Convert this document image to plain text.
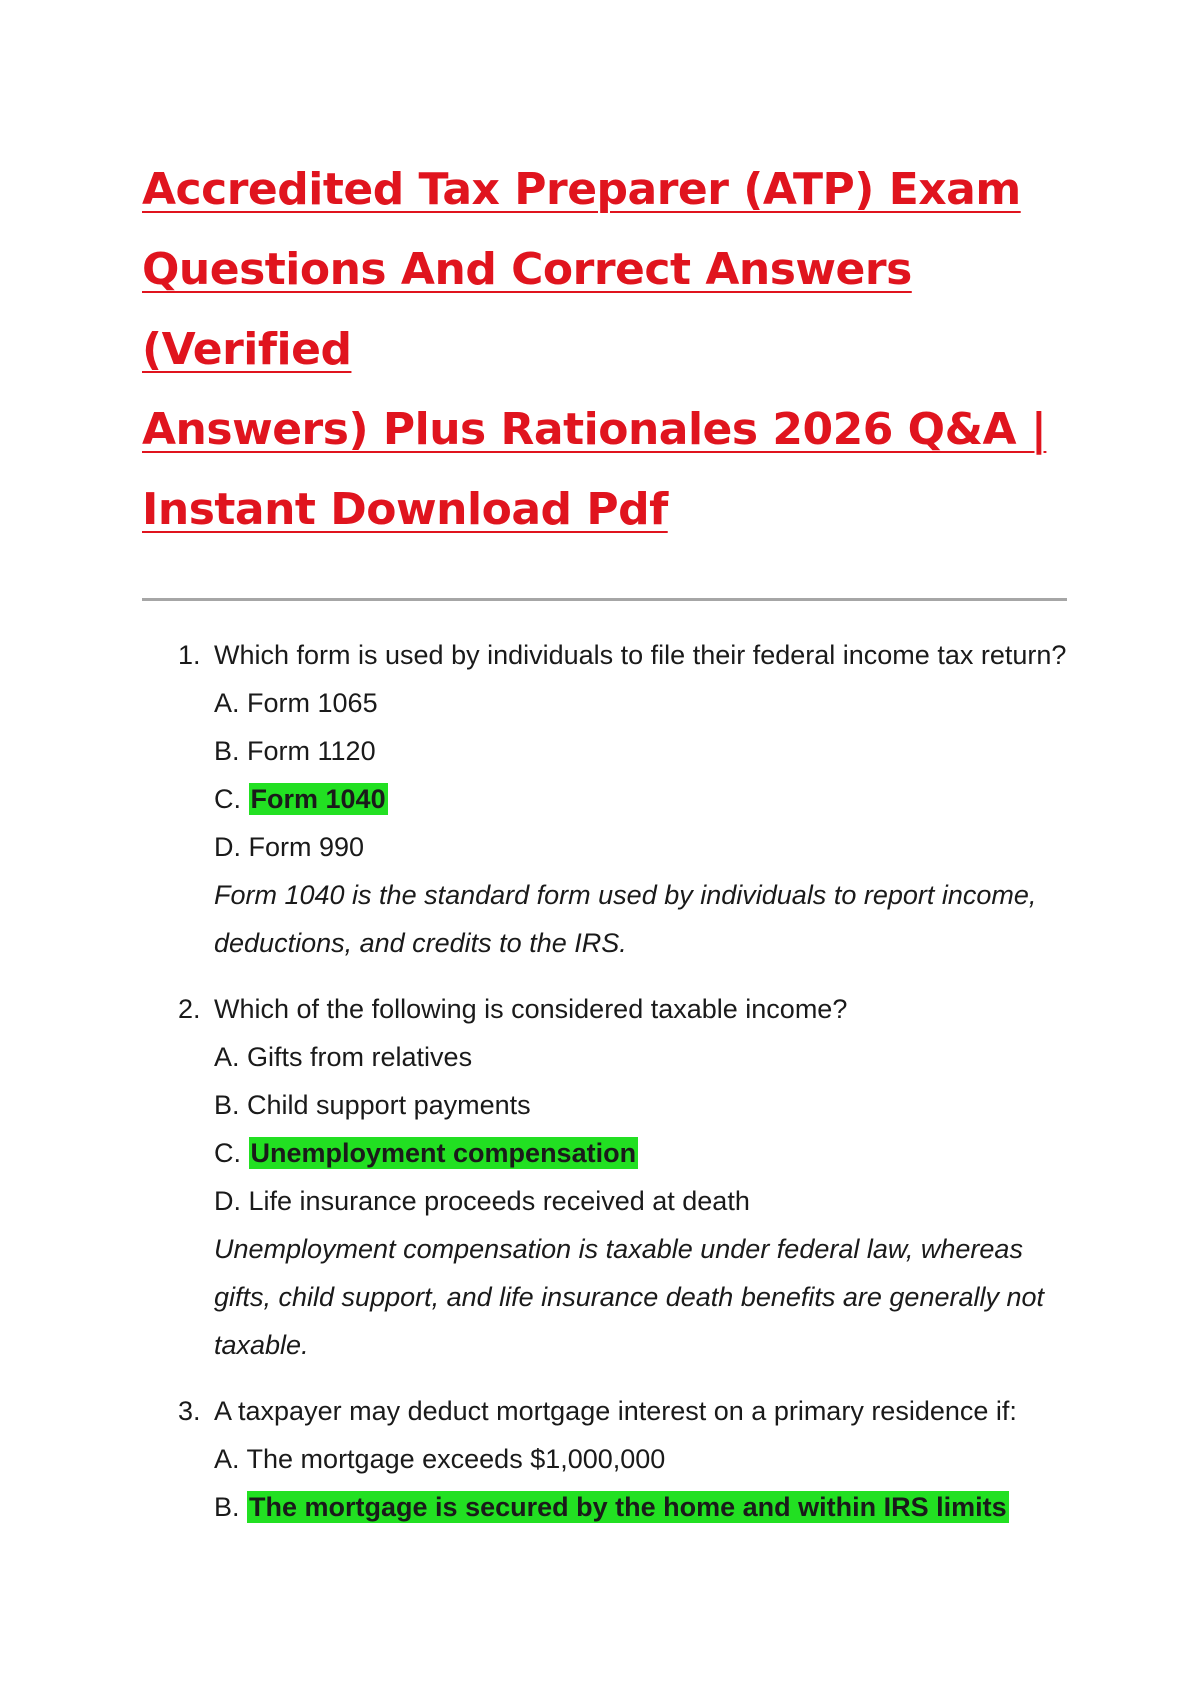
Accredited Tax Preparer (ATP) Exam
Questions And Correct Answers (Verified
Answers) Plus Rationales 2026 Q&A |
Instant Download Pdf
1. Which form is used by individuals to file their federal income tax return?
A. Form 1065
B. Form 1120
C. Form 1040
D. Form 990
Form 1040 is the standard form used by individuals to report income, deductions, and credits to the IRS.
2. Which of the following is considered taxable income?
A. Gifts from relatives
B. Child support payments
C. Unemployment compensation
D. Life insurance proceeds received at death
Unemployment compensation is taxable under federal law, whereas gifts, child support, and life insurance death benefits are generally not taxable.
3. A taxpayer may deduct mortgage interest on a primary residence if:
A. The mortgage exceeds $1,000,000
B. The mortgage is secured by the home and within IRS limits
